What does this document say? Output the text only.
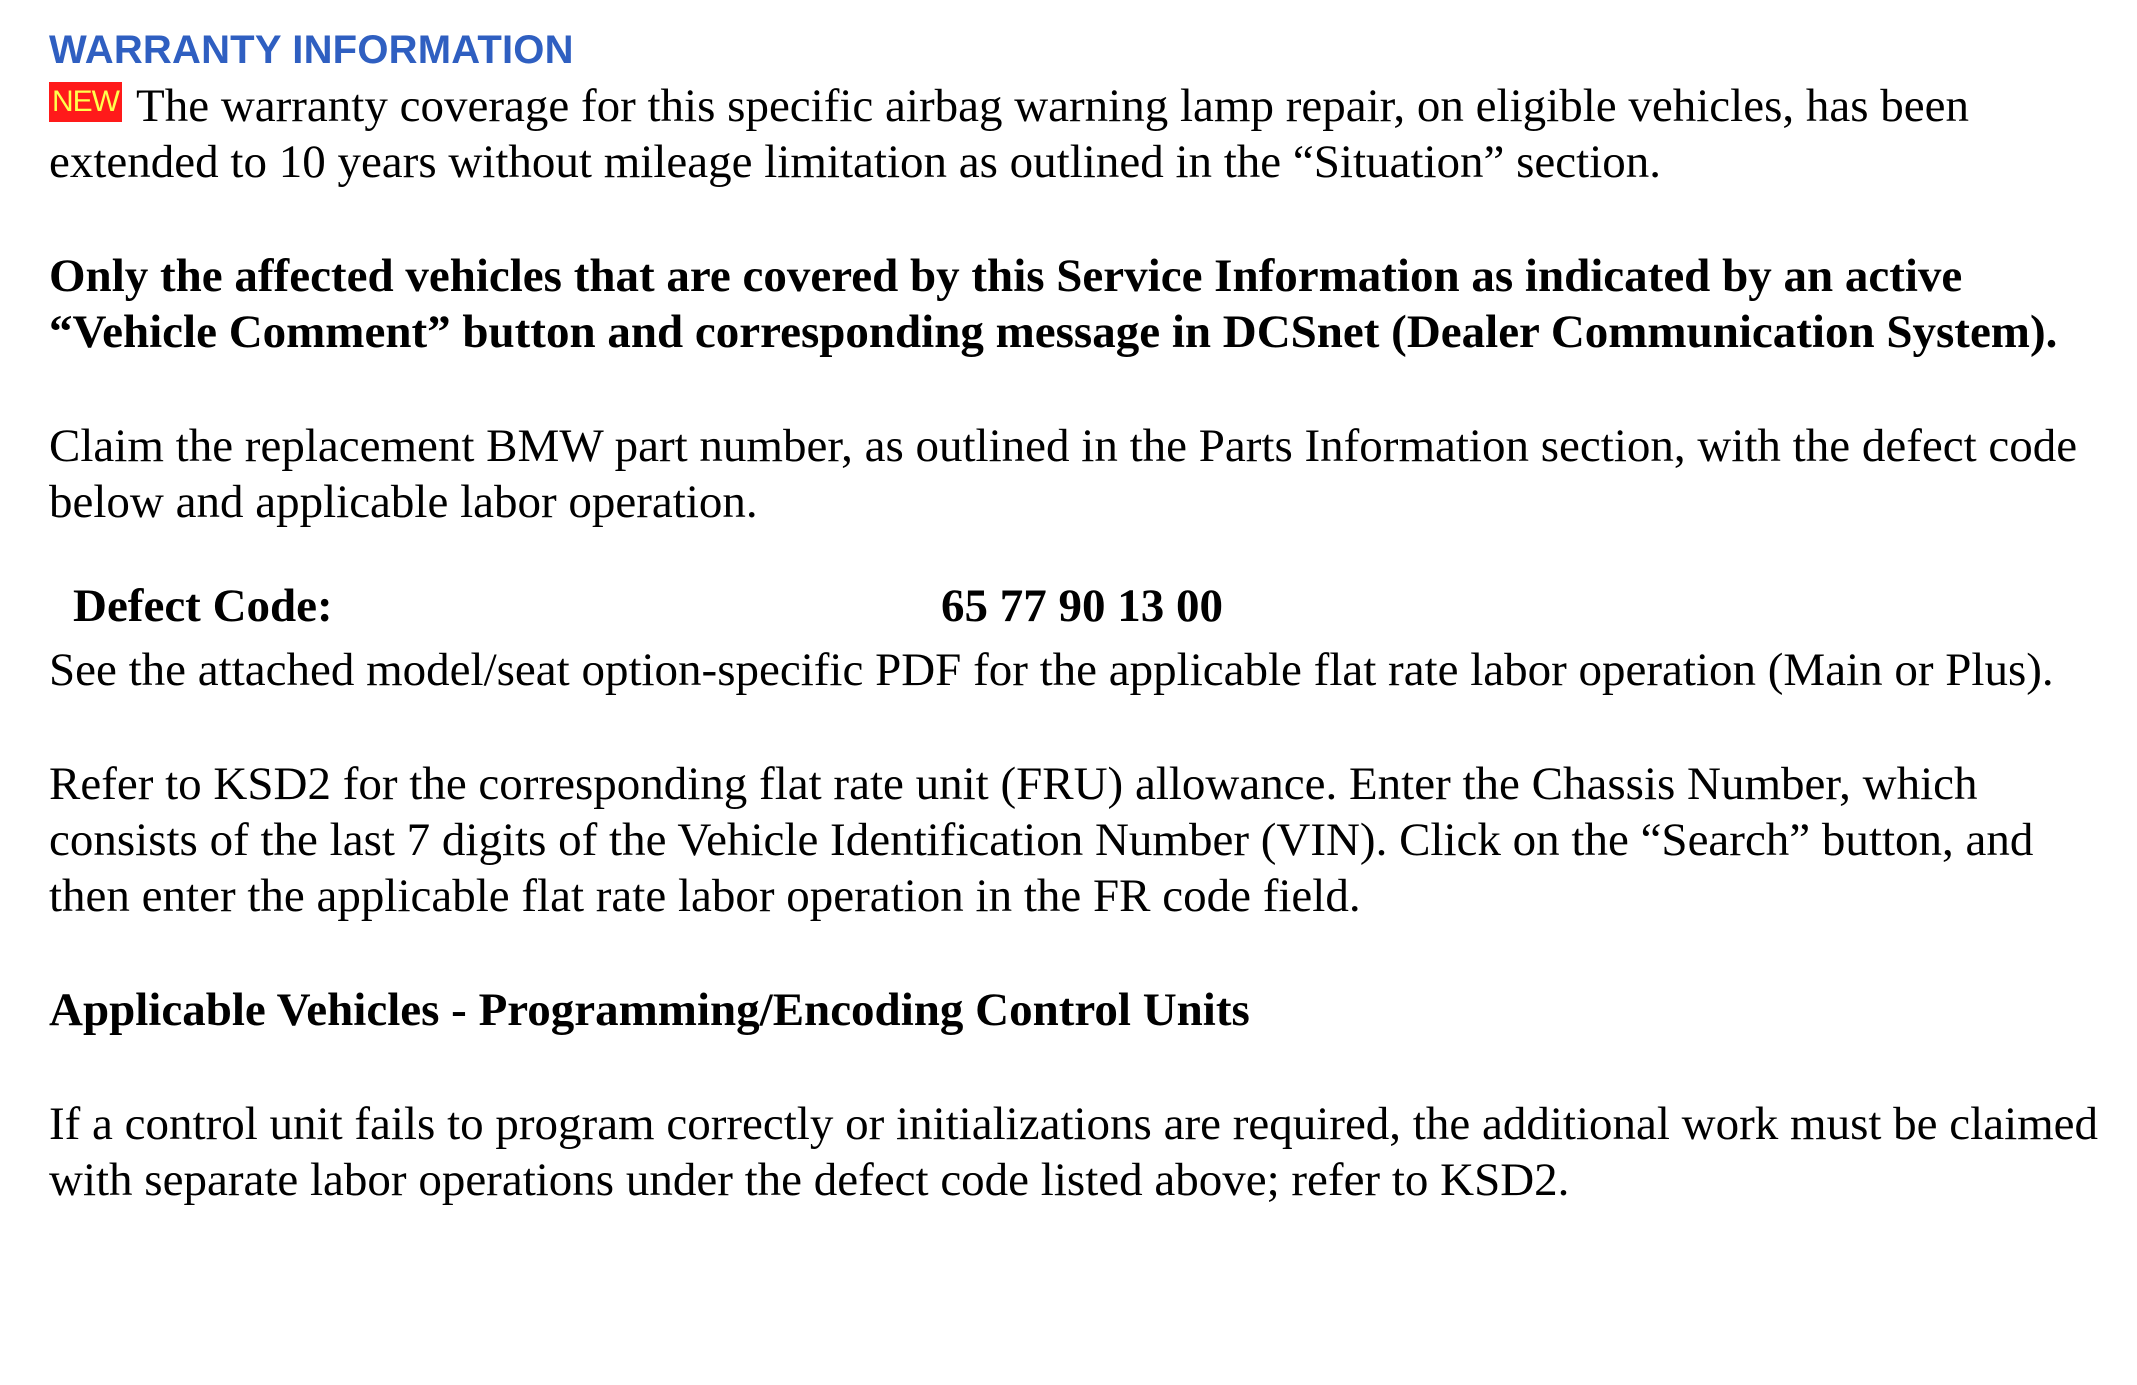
WARRANTY INFORMATION

NEW The warranty coverage for this specific airbag warning lamp repair, on eligible vehicles, has been extended to 10 years without mileage limitation as outlined in the “Situation” section.

Only the affected vehicles that are covered by this Service Information as indicated by an active “Vehicle Comment” button and corresponding message in DCSnet (Dealer Communication System).

Claim the replacement BMW part number, as outlined in the Parts Information section, with the defect code below and applicable labor operation.

Defect Code:	65 77 90 13 00

See the attached model/seat option-specific PDF for the applicable flat rate labor operation (Main or Plus).

Refer to KSD2 for the corresponding flat rate unit (FRU) allowance. Enter the Chassis Number, which consists of the last 7 digits of the Vehicle Identification Number (VIN). Click on the “Search” button, and then enter the applicable flat rate labor operation in the FR code field.

Applicable Vehicles - Programming/Encoding Control Units

If a control unit fails to program correctly or initializations are required, the additional work must be claimed with separate labor operations under the defect code listed above; refer to KSD2.
